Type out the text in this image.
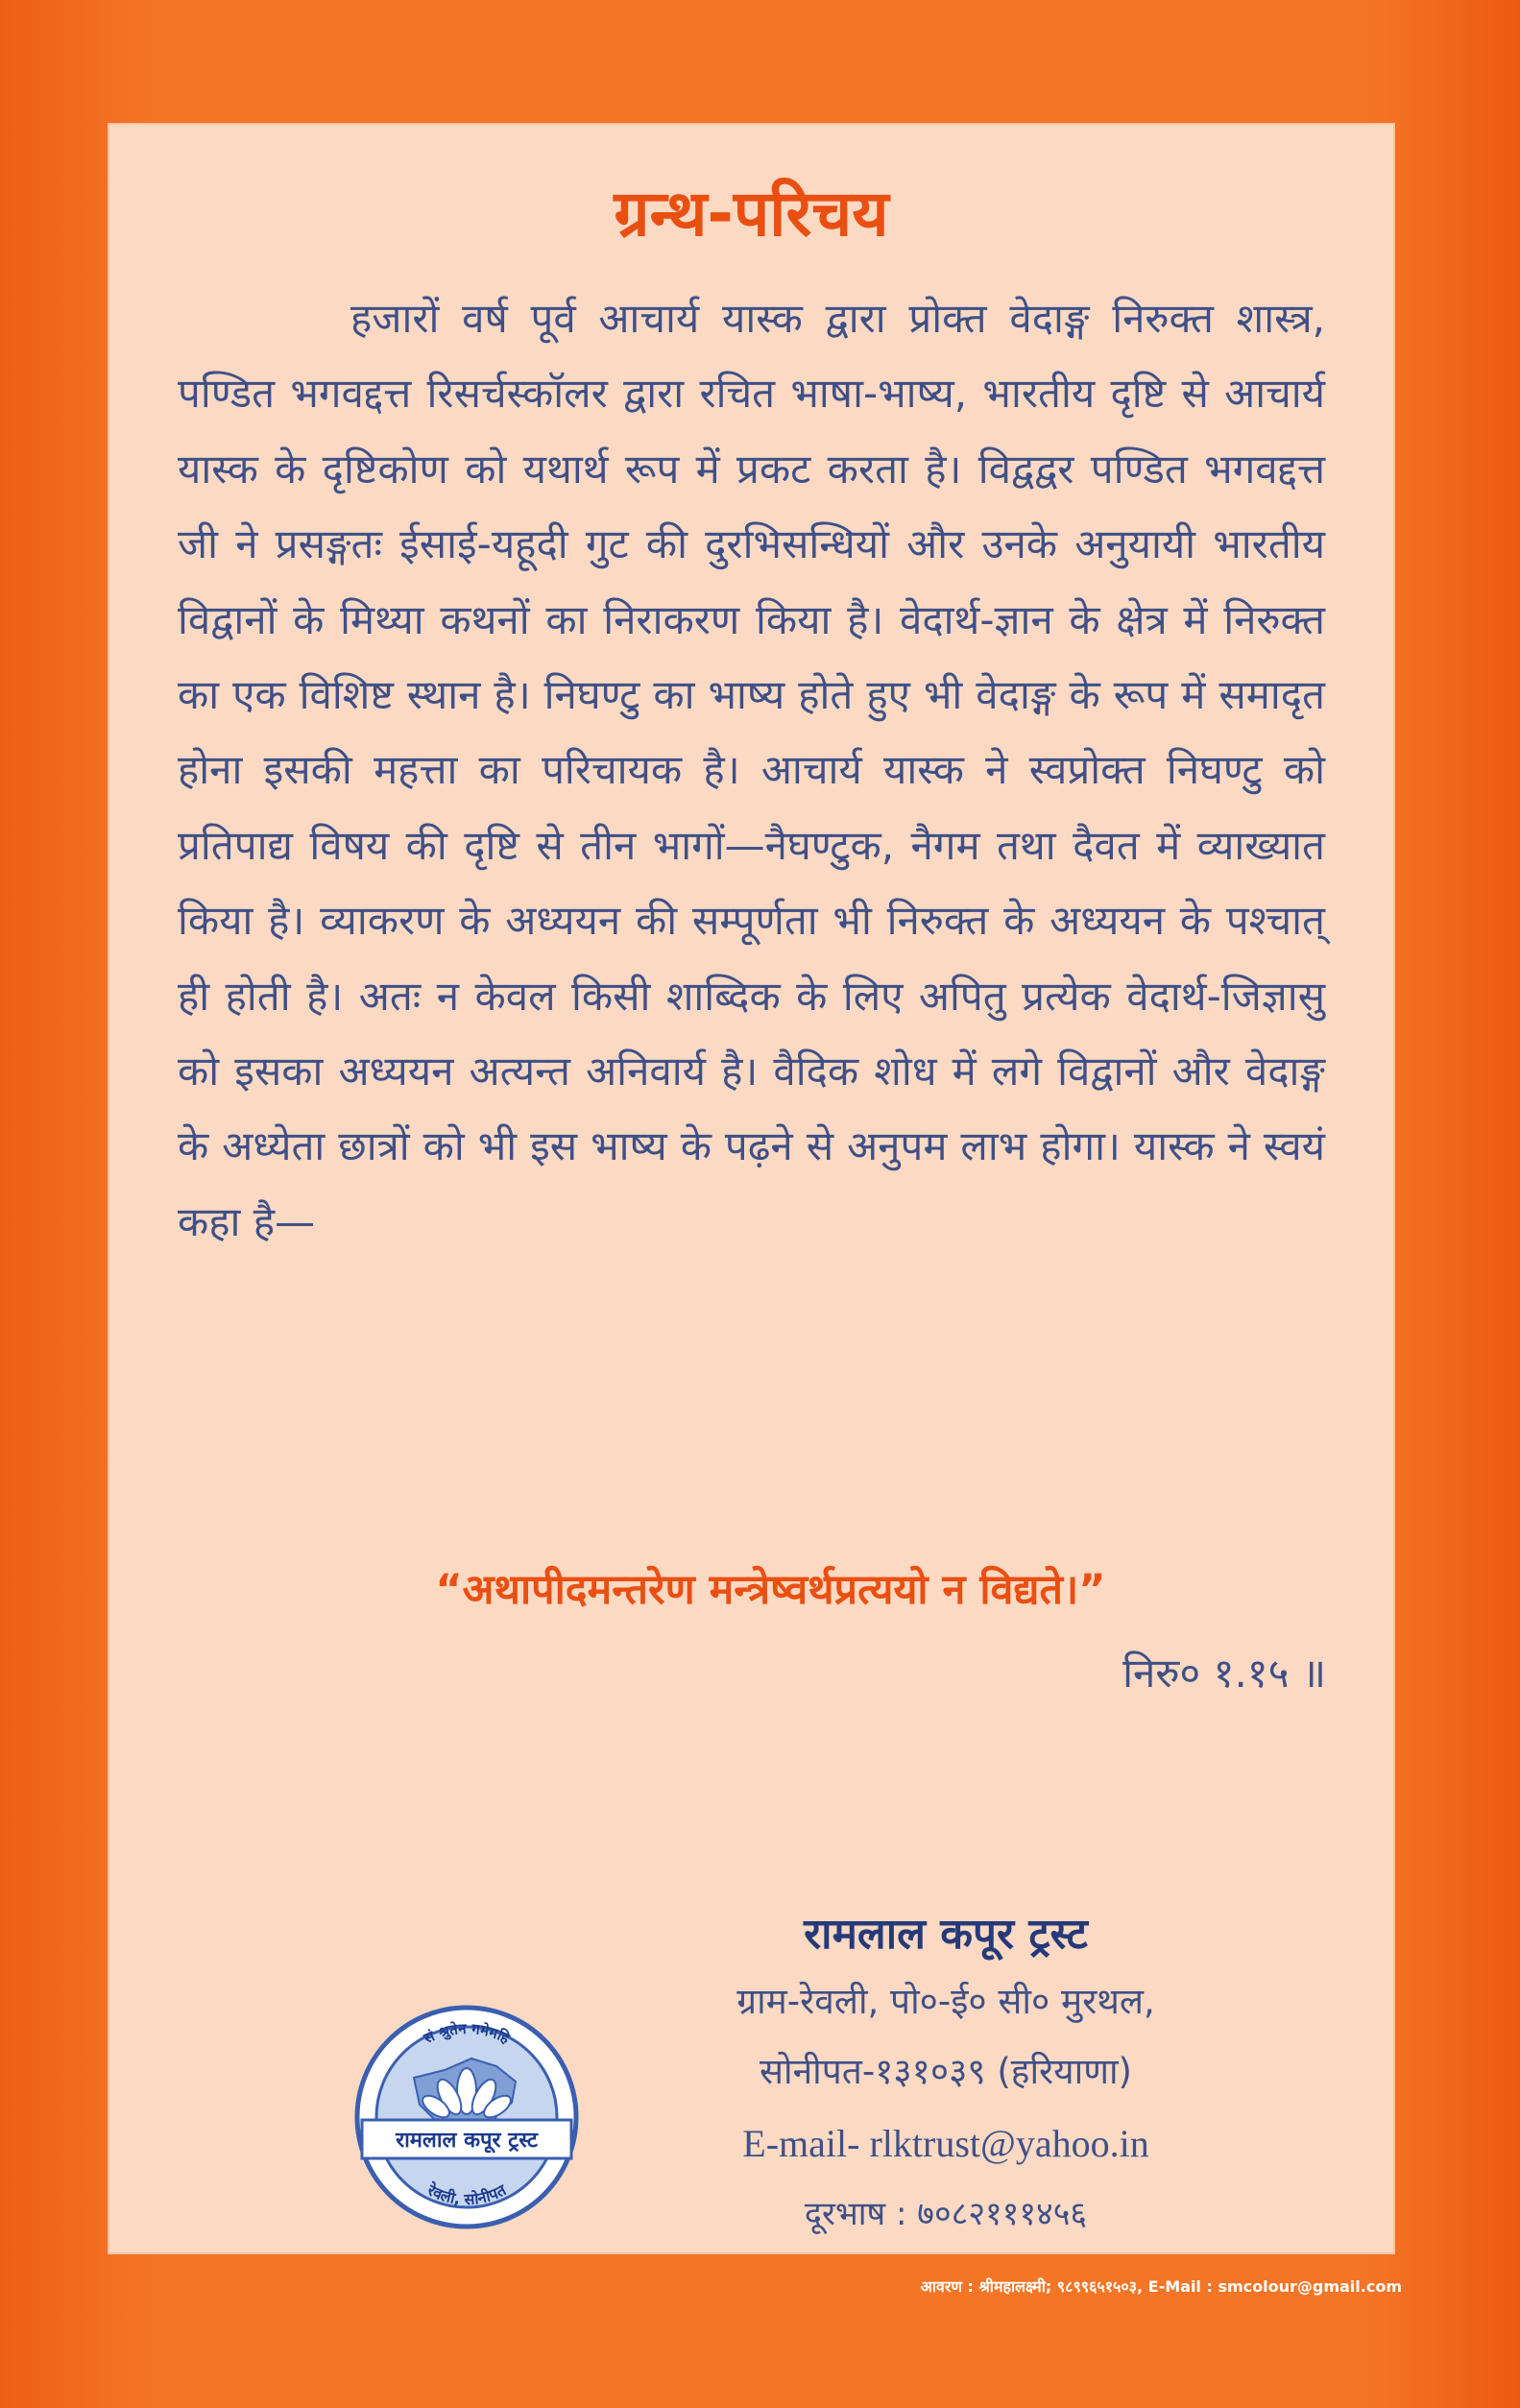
ग्रन्थ-परिचय

हजारों वर्ष पूर्व आचार्य यास्क द्वारा प्रोक्त वेदाङ्ग निरुक्त शास्त्र, पण्डित भगवद्दत्त रिसर्चस्कॉलर द्वारा रचित भाषा-भाष्य, भारतीय दृष्टि से आचार्य यास्क के दृष्टिकोण को यथार्थ रूप में प्रकट करता है। विद्वद्वर पण्डित भगवद्दत्त जी ने प्रसङ्गतः ईसाई-यहूदी गुट की दुरभिसन्धियों और उनके अनुयायी भारतीय विद्वानों के मिथ्या कथनों का निराकरण किया है। वेदार्थ-ज्ञान के क्षेत्र में निरुक्त का एक विशिष्ट स्थान है। निघण्टु का भाष्य होते हुए भी वेदाङ्ग के रूप में समादृत होना इसकी महत्ता का परिचायक है। आचार्य यास्क ने स्वप्रोक्त निघण्टु को प्रतिपाद्य विषय की दृष्टि से तीन भागों—नैघण्टुक, नैगम तथा दैवत में व्याख्यात किया है। व्याकरण के अध्ययन की सम्पूर्णता भी निरुक्त के अध्ययन के पश्चात् ही होती है। अतः न केवल किसी शाब्दिक के लिए अपितु प्रत्येक वेदार्थ-जिज्ञासु को इसका अध्ययन अत्यन्त अनिवार्य है। वैदिक शोध में लगे विद्वानों और वेदाङ्ग के अध्येता छात्रों को भी इस भाष्य के पढ़ने से अनुपम लाभ होगा। यास्क ने स्वयं कहा है—

“अथापीदमन्तरेण मन्त्रेष्वर्थप्रत्ययो न विद्यते।”
निरु० १.१५ ॥
रामलाल कपूर ट्रस्ट
सं श्रुतेन गमेमहि
रेवली, सोनीपत
रामलाल कपूर ट्रस्ट
ग्राम-रेवली, पो०-ई० सी० मुरथल,
सोनीपत-१३१०३९ (हरियाणा)
E-mail- rlktrust@yahoo.in
दूरभाष : ७०८२१११४५६
आवरण : श्रीमहालक्ष्मी; ९८९९६५१५०३, E-Mail : smcolour@gmail.com
